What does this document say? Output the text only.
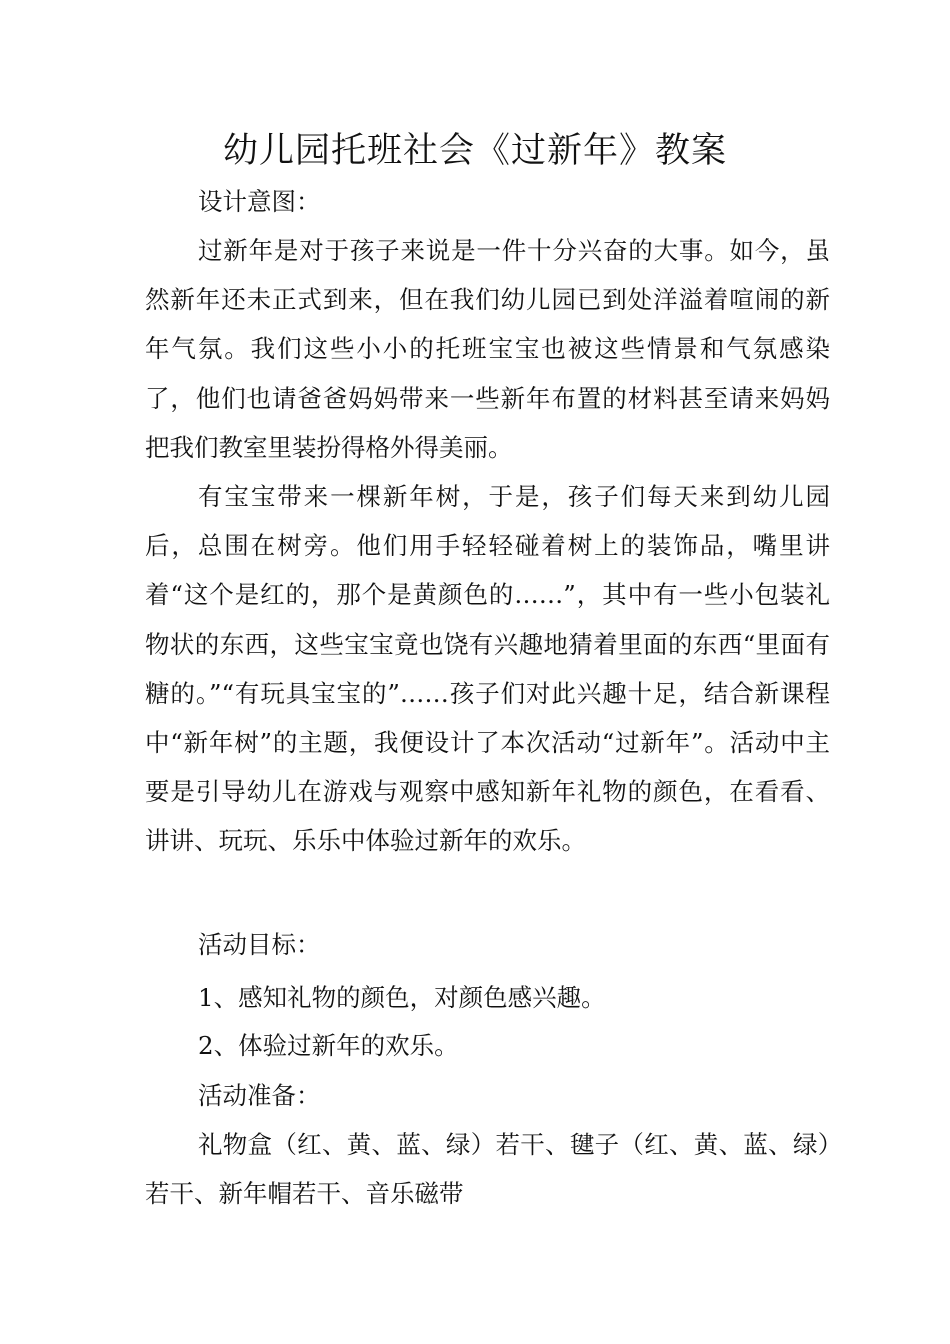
幼儿园托班社会《过新年》教案

设计意图：

过新年是对于孩子来说是一件十分兴奋的大事。如今，虽然新年还未正式到来，但在我们幼儿园已到处洋溢着喧闹的新年气氛。我们这些小小的托班宝宝也被这些情景和气氛感染了，他们也请爸爸妈妈带来一些新年布置的材料甚至请来妈妈把我们教室里装扮得格外得美丽。

有宝宝带来一棵新年树，于是，孩子们每天来到幼儿园后，总围在树旁。他们用手轻轻碰着树上的装饰品，嘴里讲着“这个是红的，那个是黄颜色的……”，其中有一些小包装礼物状的东西，这些宝宝竟也饶有兴趣地猜着里面的东西“里面有糖的。”“有玩具宝宝的”……孩子们对此兴趣十足，结合新课程中“新年树”的主题，我便设计了本次活动“过新年”。活动中主要是引导幼儿在游戏与观察中感知新年礼物的颜色，在看看、讲讲、玩玩、乐乐中体验过新年的欢乐。

活动目标：

1、感知礼物的颜色，对颜色感兴趣。

2、体验过新年的欢乐。

活动准备：

礼物盒（红、黄、蓝、绿）若干、毽子（红、黄、蓝、绿）若干、新年帽若干、音乐磁带
